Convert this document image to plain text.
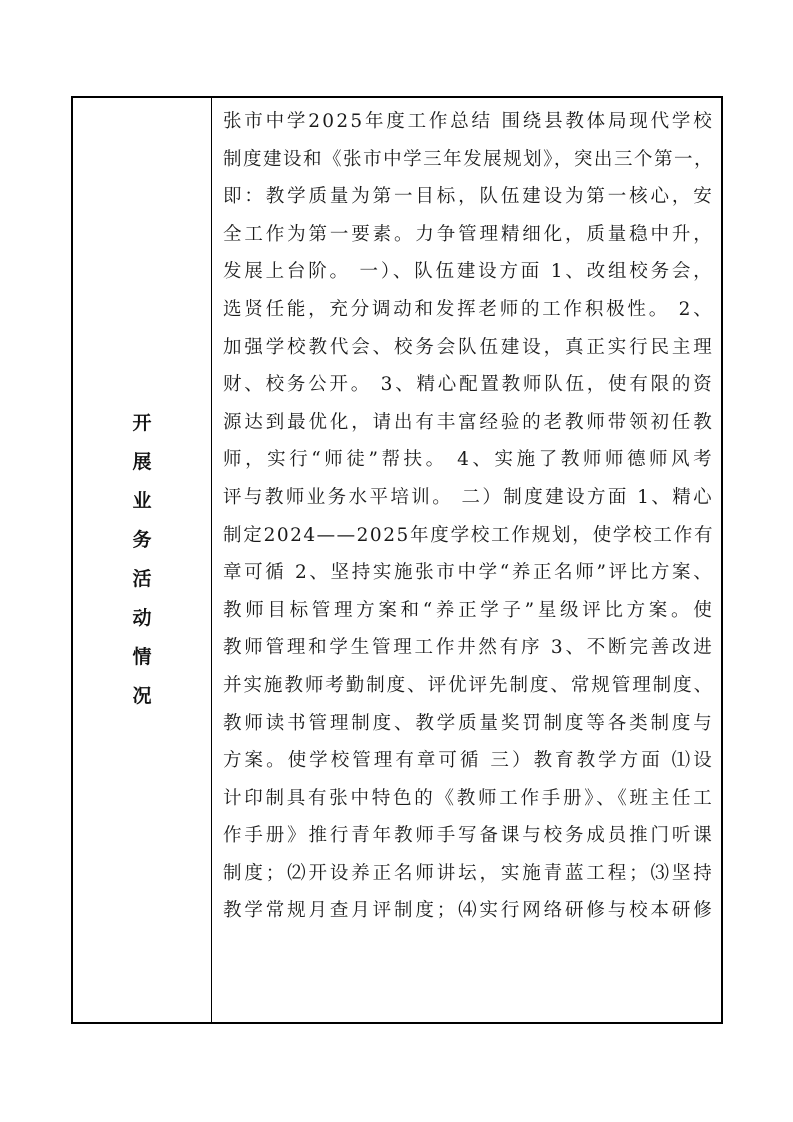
开
展
业
务
活
动
情
况
张市中学2025年度工作总结 围绕县教体局现代学校
制度建设和《张市中学三年发展规划》，突出三个第一，
即：教学质量为第一目标，队伍建设为第一核心，安
全工作为第一要素。力争管理精细化，质量稳中升，
发展上台阶。 一）、队伍建设方面 1、改组校务会，
选贤任能，充分调动和发挥老师的工作积极性。 2、
加强学校教代会、校务会队伍建设，真正实行民主理
财、校务公开。 3、精心配置教师队伍，使有限的资
源达到最优化，请出有丰富经验的老教师带领初任教
师，实行“师徒”帮扶。 4、实施了教师师德师风考
评与教师业务水平培训。 二）制度建设方面 1、精心
制定2024——2025年度学校工作规划，使学校工作有
章可循 2、坚持实施张市中学“养正名师”评比方案、
教师目标管理方案和“养正学子”星级评比方案。使
教师管理和学生管理工作井然有序 3、不断完善改进
并实施教师考勤制度、评优评先制度、常规管理制度、
教师读书管理制度、教学质量奖罚制度等各类制度与
方案。使学校管理有章可循 三）教育教学方面 ⑴设
计印制具有张中特色的《教师工作手册》、《班主任工
作手册》推行青年教师手写备课与校务成员推门听课
制度；⑵开设养正名师讲坛，实施青蓝工程；⑶坚持
教学常规月查月评制度；⑷实行网络研修与校本研修
